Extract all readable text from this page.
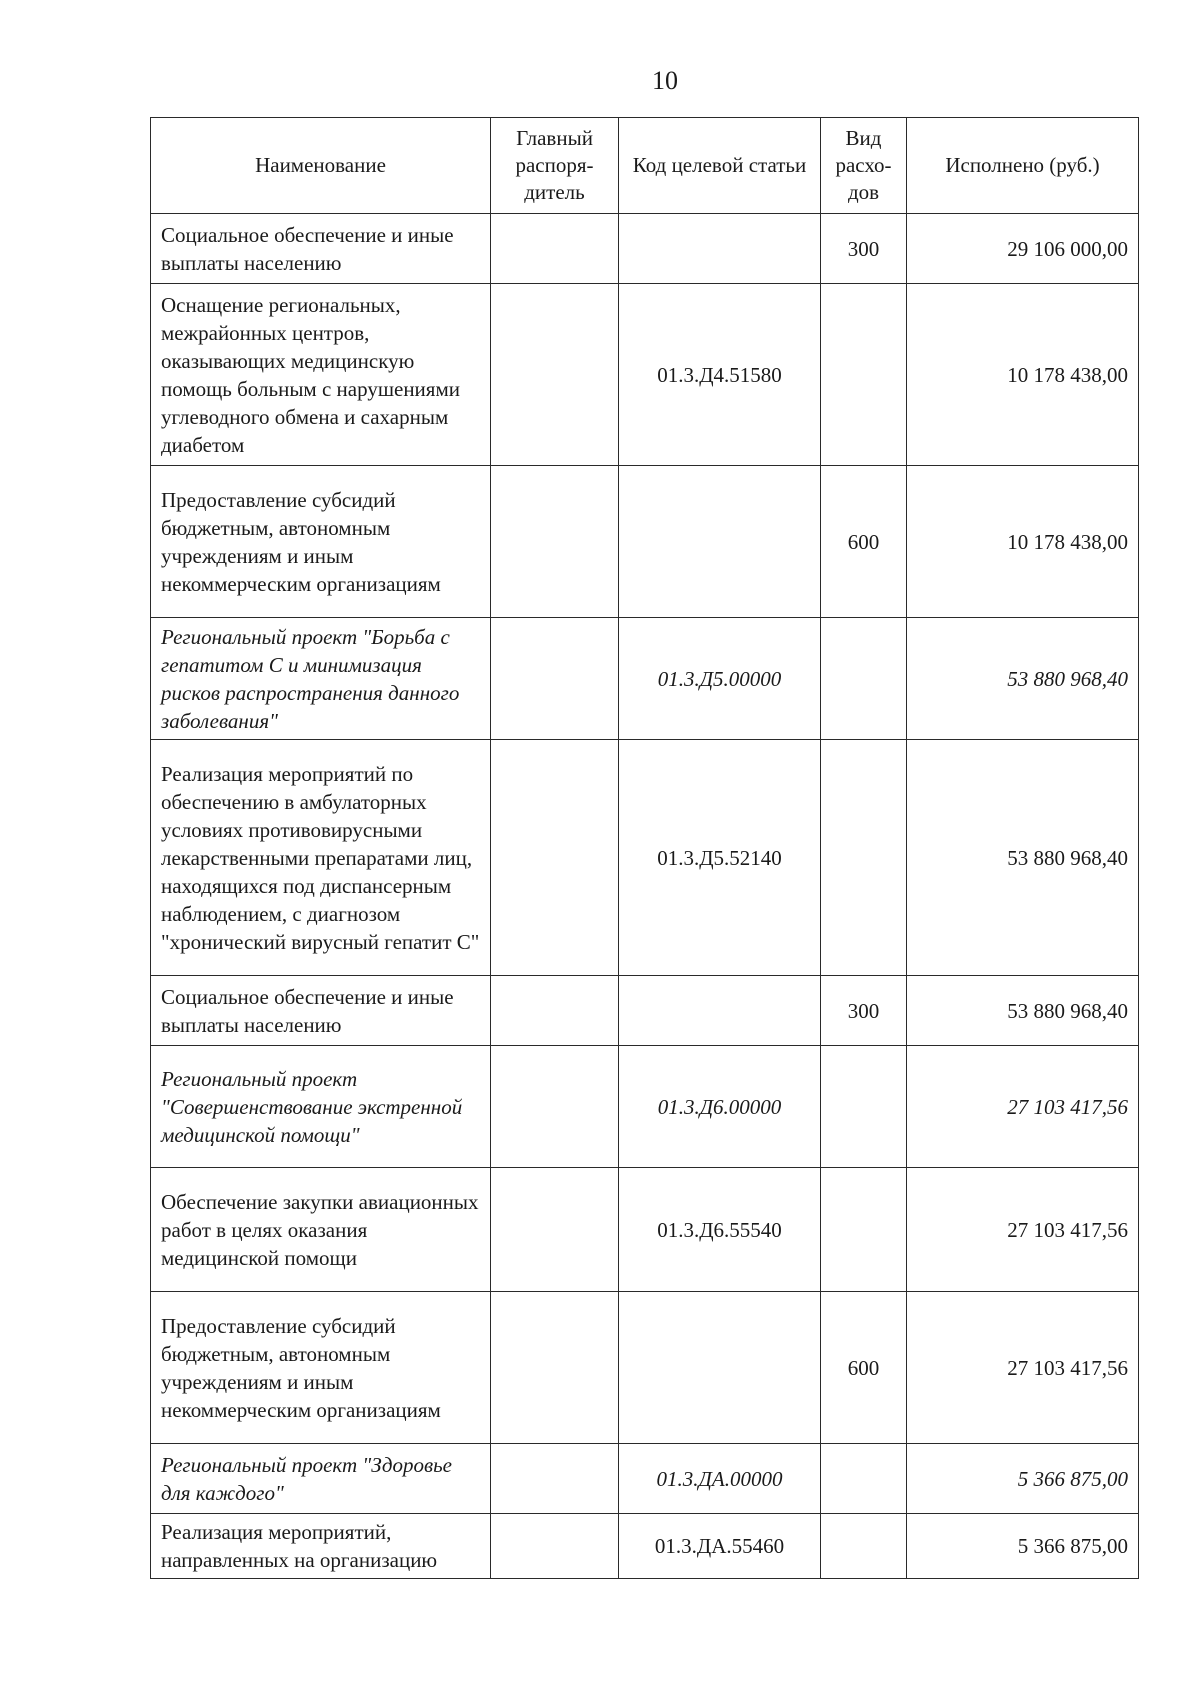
10
Наименование	Главный распоря-дитель	Код целевой статьи	Вид расхо-дов	Исполнено (руб.)
Социальное обеспечение и иные выплаты населению			300	29 106 000,00
Оснащение региональных, межрайонных центров, оказывающих медицинскую помощь больным с нарушениями углеводного обмена и сахарным диабетом		01.3.Д4.51580		10 178 438,00
Предоставление субсидий бюджетным, автономным учреждениям и иным некоммерческим организациям			600	10 178 438,00
Региональный проект "Борьба с гепатитом С и минимизация рисков распространения данного заболевания"		01.3.Д5.00000		53 880 968,40
Реализация мероприятий по обеспечению в амбулаторных условиях противовирусными лекарственными препаратами лиц, находящихся под диспансерным наблюдением, с диагнозом "хронический вирусный гепатит С"		01.3.Д5.52140		53 880 968,40
Социальное обеспечение и иные выплаты населению			300	53 880 968,40
Региональный проект "Совершенствование экстренной медицинской помощи"		01.3.Д6.00000		27 103 417,56
Обеспечение закупки авиационных работ в целях оказания медицинской помощи		01.3.Д6.55540		27 103 417,56
Предоставление субсидий бюджетным, автономным учреждениям и иным некоммерческим организациям			600	27 103 417,56
Региональный проект "Здоровье для каждого"		01.3.ДА.00000		5 366 875,00
Реализация мероприятий, направленных на организацию		01.3.ДА.55460		5 366 875,00
